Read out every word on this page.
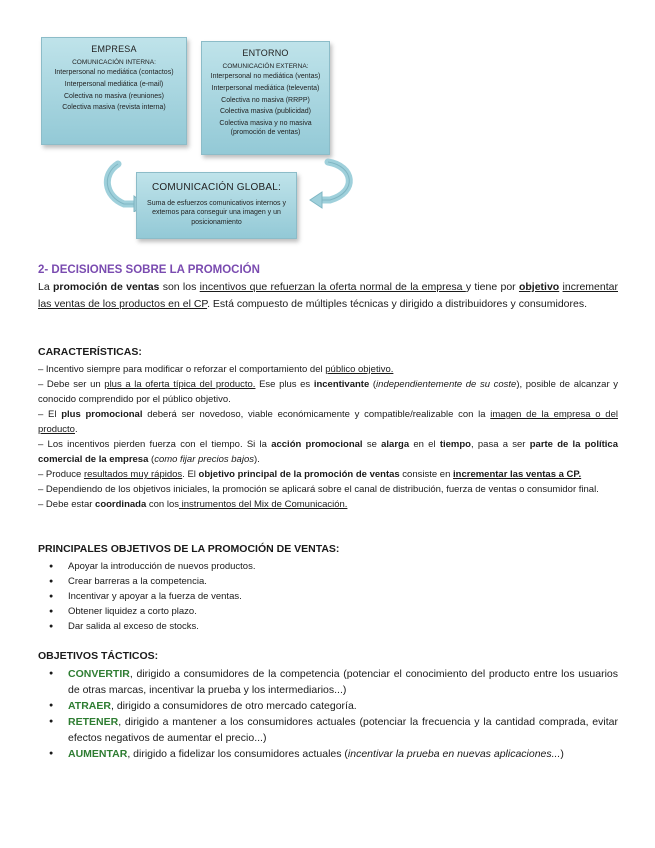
EMPRESA
COMUNICACIÓN INTERNA:
Interpersonal no mediática (contactos)
Interpersonal mediática (e-mail)
Colectiva no masiva (reuniones)
Colectiva masiva (revista interna)
ENTORNO
COMUNICACIÓN EXTERNA:
Interpersonal no mediática (ventas)
Interpersonal mediática (televenta)
Colectiva no masiva (RRPP)
Colectiva masiva (publicidad)
Colectiva masiva y no masiva (promoción de ventas)
COMUNICACIÓN GLOBAL:
Suma de esfuerzos comunicativos internos y externos para conseguir una imagen y un posicionamiento
2- DECISIONES SOBRE LA PROMOCIÓN
La promoción de ventas son los incentivos que refuerzan la oferta normal de la empresa y tiene por objetivo incrementar las ventas de los productos en el CP. Está compuesto de múltiples técnicas y dirigido a distribuidores y consumidores.
CARACTERÍSTICAS:
– Incentivo siempre para modificar o reforzar el comportamiento del público objetivo.
– Debe ser un plus a la oferta típica del producto. Ese plus es incentivante (independientemente de su coste), posible de alcanzar y conocido comprendido por el público objetivo.
– El plus promocional deberá ser novedoso, viable económicamente y compatible/realizable con la imagen de la empresa o del producto.
– Los incentivos pierden fuerza con el tiempo. Si la acción promocional se alarga en el tiempo, pasa a ser parte de la política comercial de la empresa (como fijar precios bajos).
– Produce resultados muy rápidos. El objetivo principal de la promoción de ventas consiste en incrementar las ventas a CP.
– Dependiendo de los objetivos iniciales, la promoción se aplicará sobre el canal de distribución, fuerza de ventas o consumidor final.
– Debe estar coordinada con los instrumentos del Mix de Comunicación.
PRINCIPALES OBJETIVOS DE LA PROMOCIÓN DE VENTAS:
● Apoyar la introducción de nuevos productos.
● Crear barreras a la competencia.
● Incentivar y apoyar a la fuerza de ventas.
● Obtener liquidez a corto plazo.
● Dar salida al exceso de stocks.
OBJETIVOS TÁCTICOS:
● CONVERTIR, dirigido a consumidores de la competencia (potenciar el conocimiento del producto entre los usuarios de otras marcas, incentivar la prueba y los intermediarios...)
● ATRAER, dirigido a consumidores de otro mercado categoría.
● RETENER, dirigido a mantener a los consumidores actuales (potenciar la frecuencia y la cantidad comprada, evitar efectos negativos de aumentar el precio...)
● AUMENTAR, dirigido a fidelizar los consumidores actuales (incentivar la prueba en nuevas aplicaciones...)
